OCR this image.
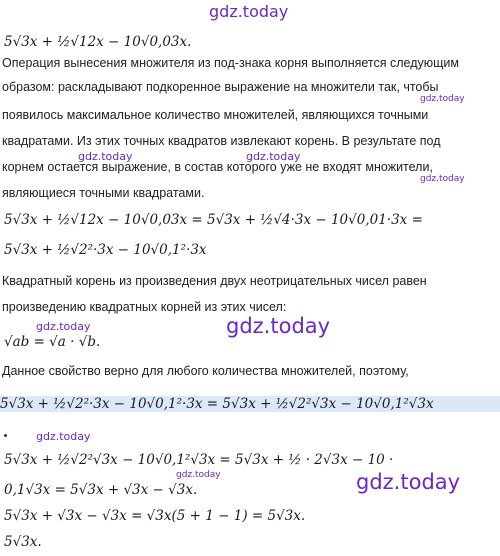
gdz.today
gdz.today
gdz.today	gdz.today
gdz.today
gdz.today	gdz.today
gdz.today
gdz.today	gdz.today
5√3x + ½√12x − 10√0,03x.
Операция вынесения множителя из под-знака корня выполняется следующим
образом: раскладывают подкоренное выражение на множители так, чтобы
появилось максимальное количество множителей, являющихся точными
квадратами. Из этих точных квадратов извлекают корень. В результате под
корнем остается выражение, в состав которого уже не входят множители,
являющиеся точными квадратами.
5√3x + ½√12x − 10√0,03x = 5√3x + ½√4·3x − 10√0,01·3x =
5√3x + ½√2²·3x − 10√0,1²·3x
Квадратный корень из произведения двух неотрицательных чисел равен
произведению квадратных корней из этих чисел:
√ab = √a · √b.
Данное свойство верно для любого количества множителей, поэтому,
5√3x + ½√2²·3x − 10√0,1²·3x = 5√3x + ½√2²√3x − 10√0,1²√3x
5√3x + ½√2²√3x − 10√0,1²√3x = 5√3x + ½ · 2√3x − 10 ·
0,1√3x = 5√3x + √3x − √3x.
5√3x + √3x − √3x = √3x(5 + 1 − 1) = 5√3x.
5√3x.
